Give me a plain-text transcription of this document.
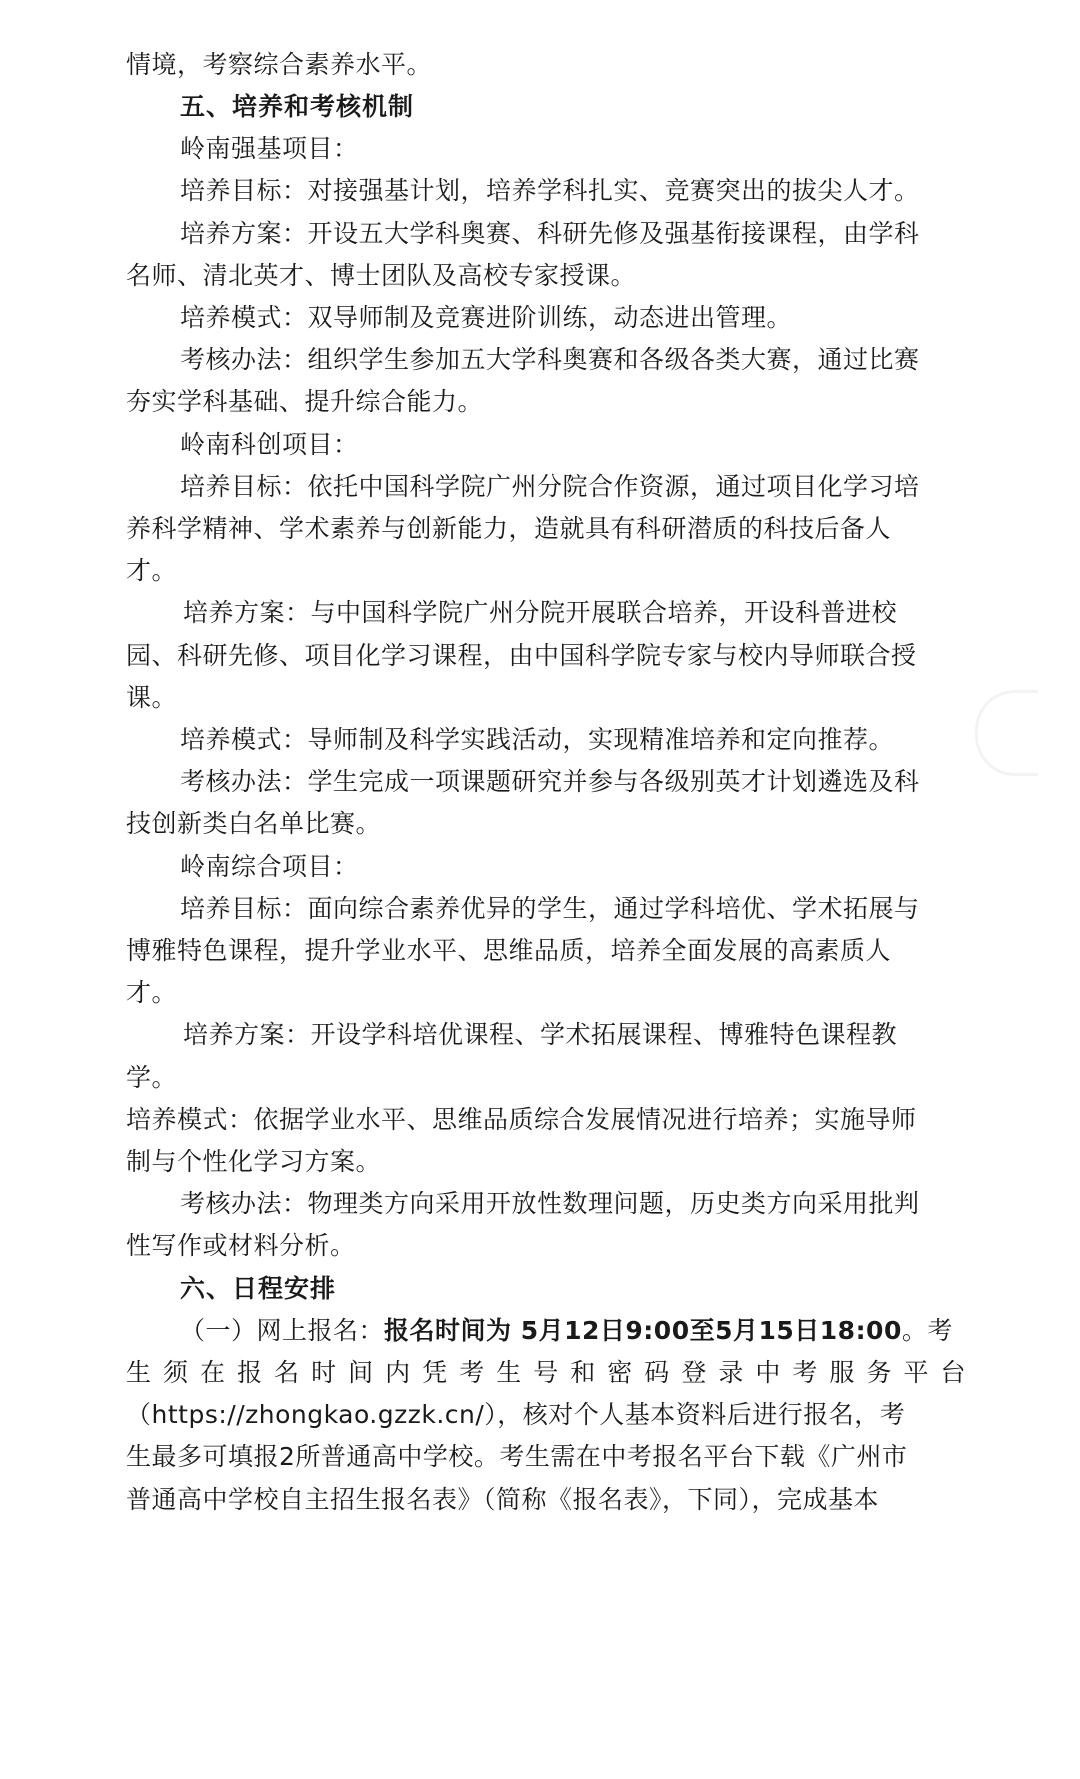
情境，考察综合素养水平。
五、培养和考核机制
岭南强基项目：
培养目标：对接强基计划，培养学科扎实、竞赛突出的拔尖人才。
培养方案：开设五大学科奥赛、科研先修及强基衔接课程，由学科
名师、清北英才、博士团队及高校专家授课。
培养模式：双导师制及竞赛进阶训练，动态进出管理。
考核办法：组织学生参加五大学科奥赛和各级各类大赛，通过比赛
夯实学科基础、提升综合能力。
岭南科创项目：
培养目标：依托中国科学院广州分院合作资源，通过项目化学习培
养科学精神、学术素养与创新能力，造就具有科研潜质的科技后备人
才。
培养方案：与中国科学院广州分院开展联合培养，开设科普进校
园、科研先修、项目化学习课程，由中国科学院专家与校内导师联合授
课。
培养模式：导师制及科学实践活动，实现精准培养和定向推荐。
考核办法：学生完成一项课题研究并参与各级别英才计划遴选及科
技创新类白名单比赛。
岭南综合项目：
培养目标：面向综合素养优异的学生，通过学科培优、学术拓展与
博雅特色课程，提升学业水平、思维品质，培养全面发展的高素质人
才。
培养方案：开设学科培优课程、学术拓展课程、博雅特色课程教
学。
培养模式：依据学业水平、思维品质综合发展情况进行培养；实施导师
制与个性化学习方案。
考核办法：物理类方向采用开放性数理问题，历史类方向采用批判
性写作或材料分析。
六、日程安排
（一）网上报名：报名时间为 5月12日9:00至5月15日18:00。考
生须在报名时间内凭考生号和密码登录中考服务平台
（https://zhongkao.gzzk.cn/），核对个人基本资料后进行报名，考
生最多可填报2所普通高中学校。考生需在中考报名平台下载《广州市
普通高中学校自主招生报名表》（简称《报名表》，下同），完成基本
